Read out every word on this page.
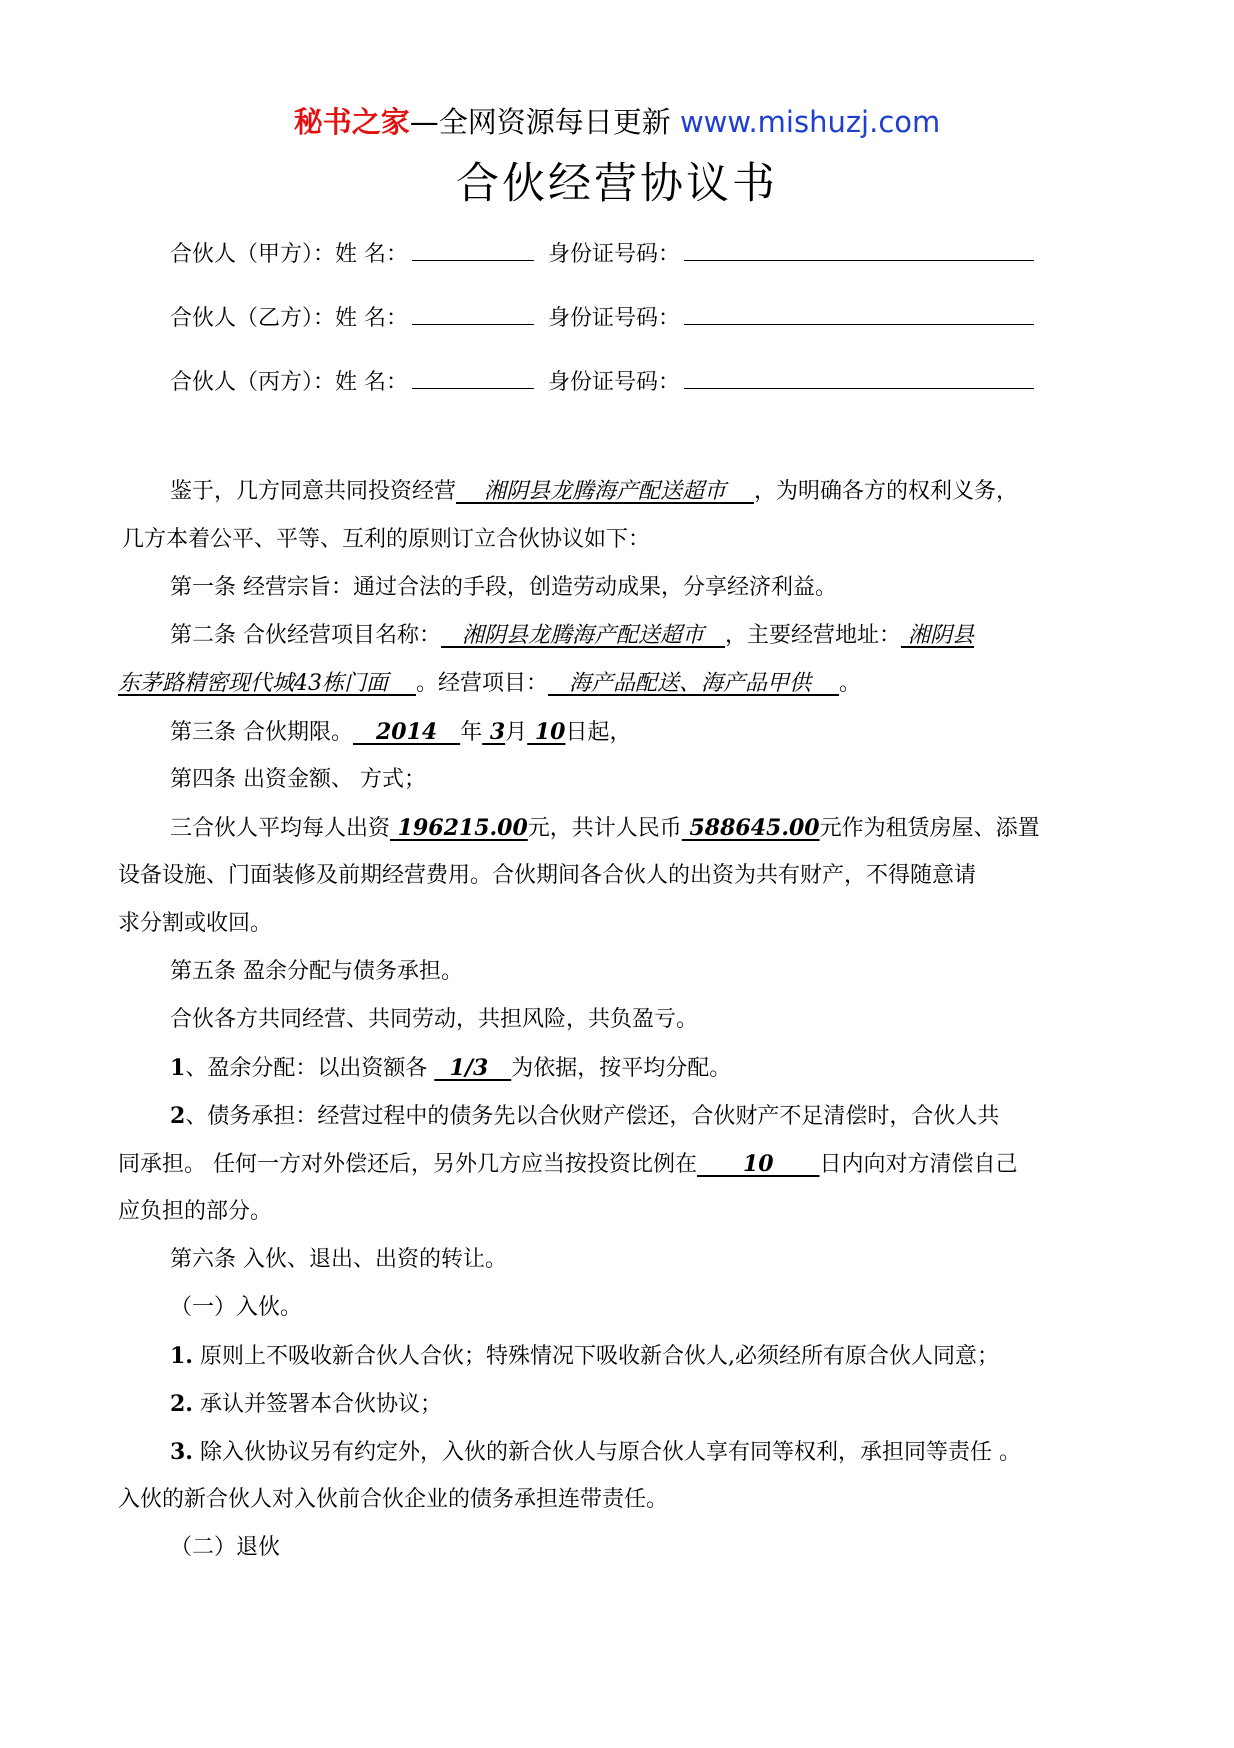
秘书之家—全网资源每日更新 www.mishuzj.com
合伙经营协议书
合伙人（甲方）：姓 名：	身份证号码：
合伙人（乙方）：姓 名：	身份证号码：
合伙人（丙方）：姓 名：	身份证号码：
鉴于，几方同意共同投资经营    湘阴县龙腾海产配送超市    ，为明确各方的权利义务，
几方本着公平、平等、互利的原则订立合伙协议如下：
第一条 经营宗旨：通过合法的手段，创造劳动成果，分享经济利益。
第二条 合伙经营项目名称：   湘阴县龙腾海产配送超市   ，主要经营地址： 湘阴县
东茅路精密现代城43栋门面    。经营项目：   海产品配送、海产品甲供    。
第三条 合伙期限。   2014   年 3月 10日起，
第四条 出资金额、 方式；
三合伙人平均每人出资 196215.00元，共计人民币 588645.00元作为租赁房屋、添置
设备设施、门面装修及前期经营费用。合伙期间各合伙人的出资为共有财产，不得随意请
求分割或收回。
第五条 盈余分配与债务承担。
合伙各方共同经营、共同劳动，共担风险，共负盈亏。
1、盈余分配：以出资额各   1/3   为依据，按平均分配。
2、债务承担：经营过程中的债务先以合伙财产偿还，合伙财产不足清偿时，合伙人共
同承担。 任何一方对外偿还后，另外几方应当按投资比例在      10      日内向对方清偿自己
应负担的部分。
第六条 入伙、退出、出资的转让。
（一）入伙。
1. 原则上不吸收新合伙人合伙；特殊情况下吸收新合伙人,必须经所有原合伙人同意；
2. 承认并签署本合伙协议；
3. 除入伙协议另有约定外，入伙的新合伙人与原合伙人享有同等权利，承担同等责任 。
入伙的新合伙人对入伙前合伙企业的债务承担连带责任。
（二）退伙
